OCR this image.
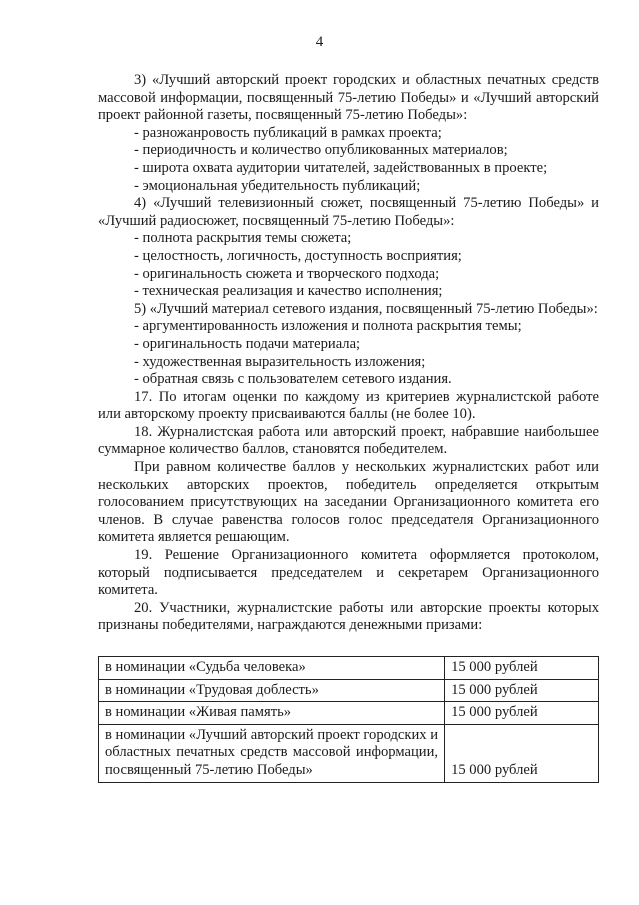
4

3) «Лучший авторский проект городских и областных печатных средств массовой информации, посвященный 75-летию Победы» и «Лучший авторский проект районной газеты, посвященный 75-летию Победы»:

- разножанровость публикаций в рамках проекта;

- периодичность и количество опубликованных материалов;

- широта охвата аудитории читателей, задействованных в проекте;

- эмоциональная убедительность публикаций;

4) «Лучший телевизионный сюжет, посвященный 75-летию Победы» и «Лучший радиосюжет, посвященный 75-летию Победы»:

- полнота раскрытия темы сюжета;

- целостность, логичность, доступность восприятия;

- оригинальность сюжета и творческого подхода;

- техническая реализация и качество исполнения;

5) «Лучший материал сетевого издания, посвященный 75-летию Победы»:

- аргументированность изложения и полнота раскрытия темы;

- оригинальность подачи материала;

- художественная выразительность изложения;

- обратная связь с пользователем сетевого издания.

17. По итогам оценки по каждому из критериев журналистской работе или авторскому проекту присваиваются баллы (не более 10).

18. Журналистская работа или авторский проект, набравшие наибольшее суммарное количество баллов, становятся победителем.

При равном количестве баллов у нескольких журналистских работ или нескольких авторских проектов, победитель определяется открытым голосованием присутствующих на заседании Организационного комитета его членов. В случае равенства голосов голос председателя Организационного комитета является решающим.

19. Решение Организационного комитета оформляется протоколом, который подписывается председателем и секретарем Организационного комитета.

20. Участники, журналистские работы или авторские проекты которых признаны победителями, награждаются денежными призами:

в номинации «Судьба человека»	15 000 рублей
в номинации «Трудовая доблесть»	15 000 рублей
в номинации «Живая память»	15 000 рублей
в номинации «Лучший авторский проект городских и областных печатных средств массовой информации, посвященный 75-летию Победы»	15 000 рублей
